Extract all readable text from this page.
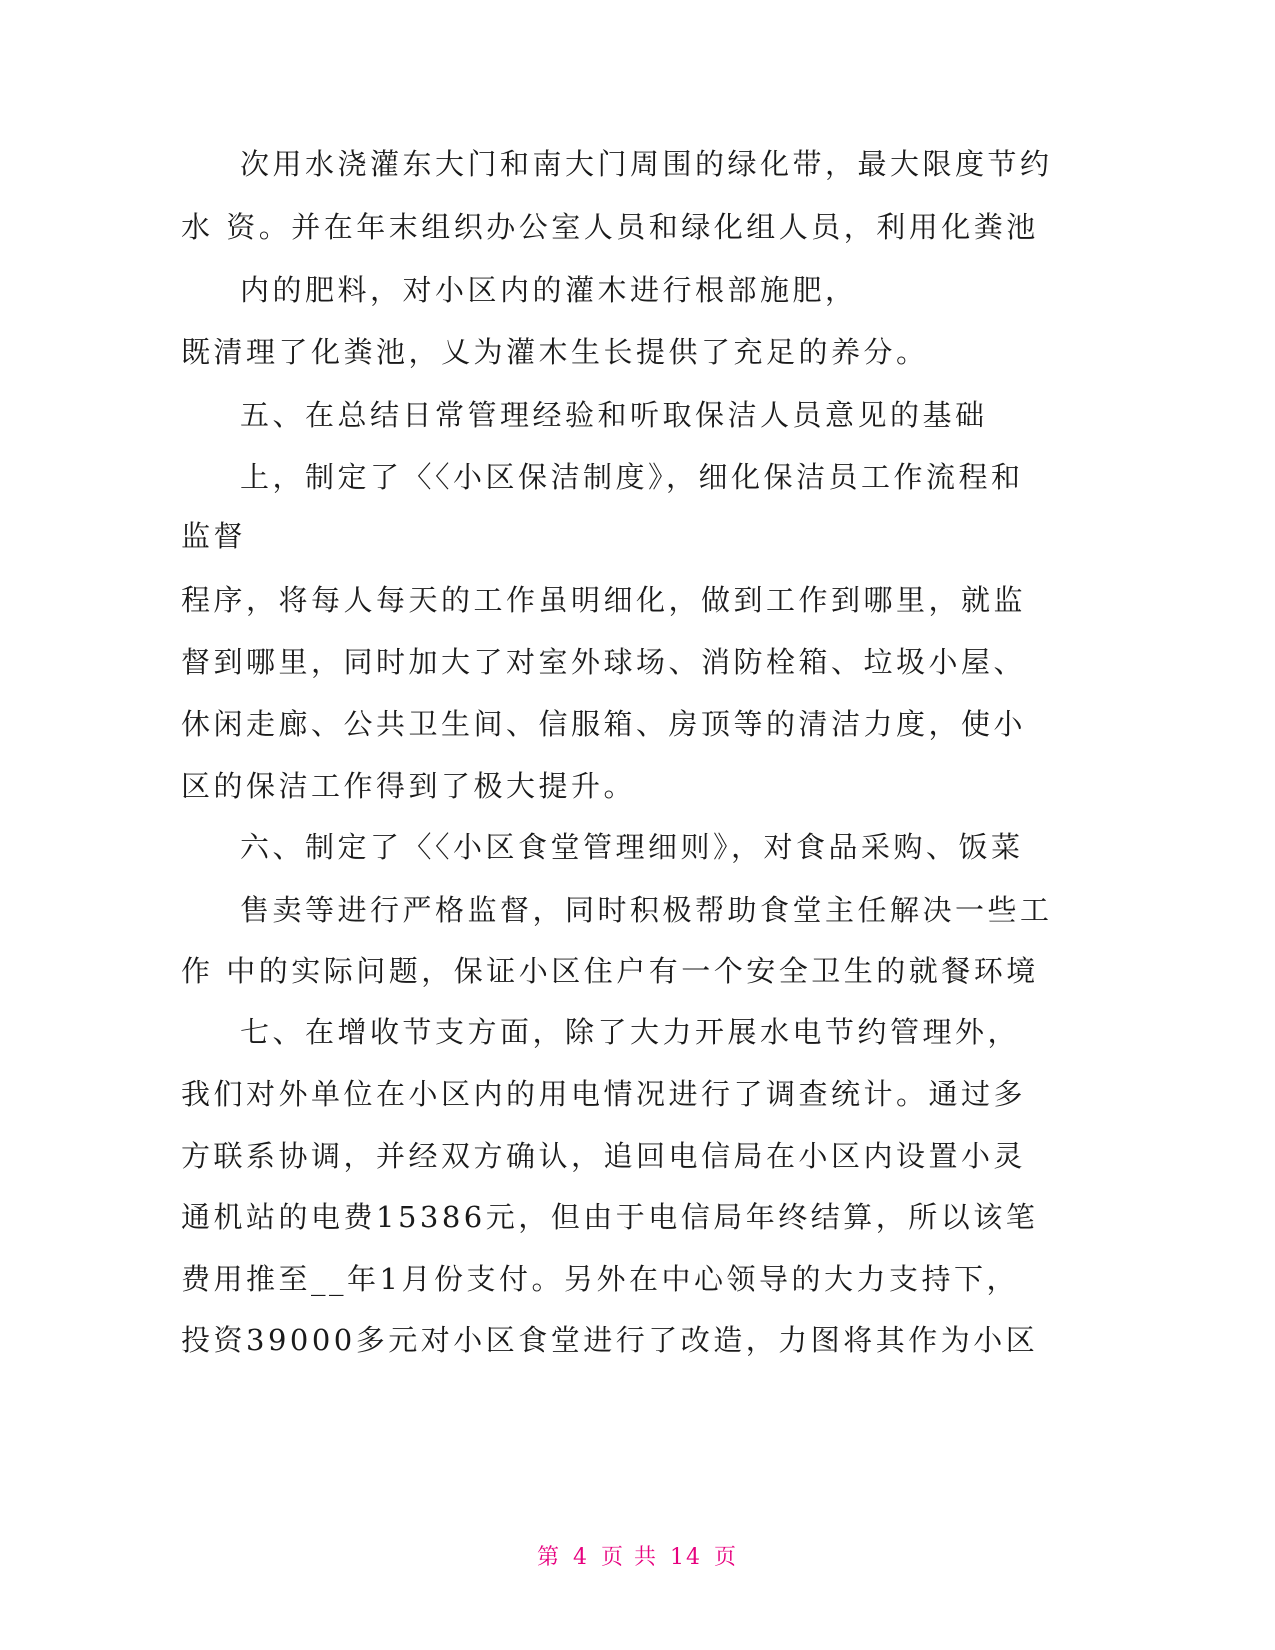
次用水浇灌东大门和南大门周围的绿化带，最大限度节约
水 资。并在年末组织办公室人员和绿化组人员，利用化粪池
内的肥料，对小区内的灌木进行根部施肥，
既清理了化粪池，乂为灌木生长提供了充足的养分。
五、在总结日常管理经验和听取保洁人员意见的基础
上，制定了〈〈小区保洁制度》，细化保洁员工作流程和
监督
程序，将每人每天的工作虽明细化，做到工作到哪里，就监
督到哪里，同时加大了对室外球场、消防栓箱、垃圾小屋、
休闲走廊、公共卫生间、信服箱、房顶等的清洁力度，使小
区的保洁工作得到了极大提升。
六、制定了〈〈小区食堂管理细则》，对食品采购、饭菜
售卖等进行严格监督，同时积极帮助食堂主任解决一些工
作 中的实际问题，保证小区住户有一个安全卫生的就餐环境
七、在增收节支方面，除了大力开展水电节约管理外，
我们对外单位在小区内的用电情况进行了调查统计。通过多
方联系协调，并经双方确认，追回电信局在小区内设置小灵
通机站的电费15386元，但由于电信局年终结算，所以该笔
费用推至__年1月份支付。另外在中心领导的大力支持下，
投资39000多元对小区食堂进行了改造，力图将其作为小区
第 4 页 共 14 页
